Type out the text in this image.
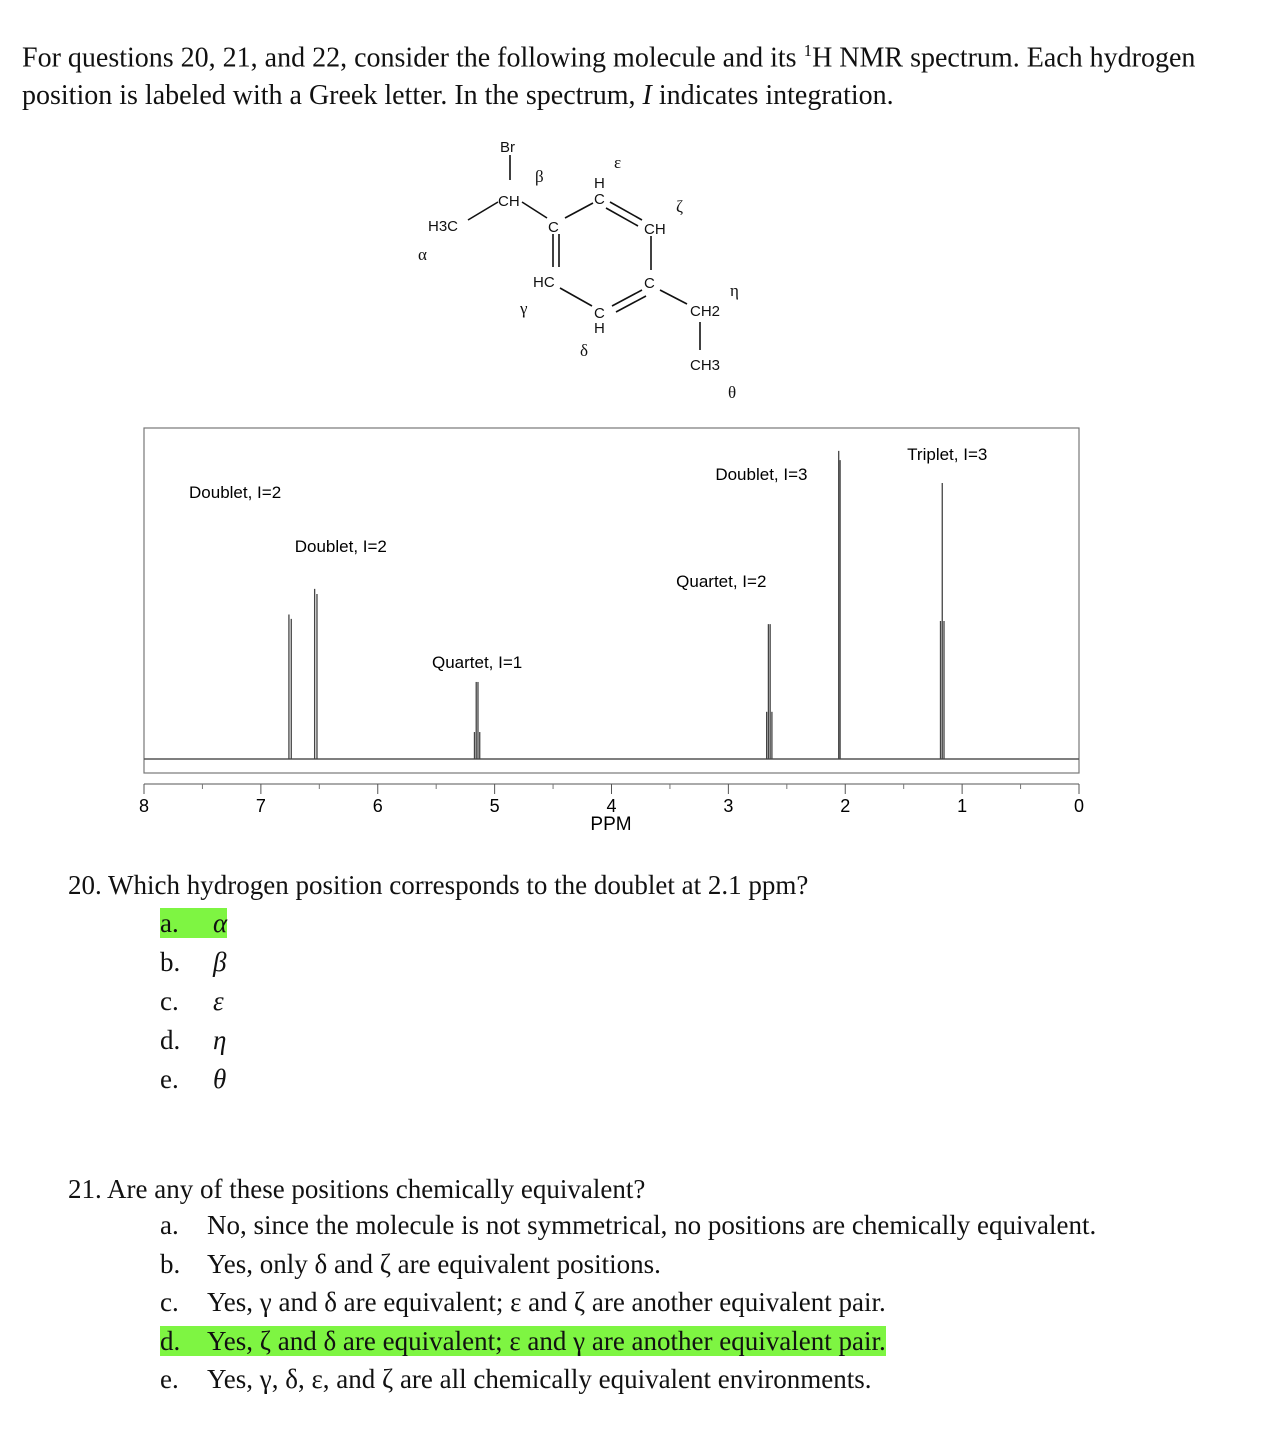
For questions 20, 21, and 22, consider the following molecule and its $^1$H NMR spectrum. Each hydrogen position is labeled with a Greek letter. In the spectrum, I indicates integration.
Br
CH
H3C	C
H
C
CH
HC	C
C
H
CH2
CH3
α
β
γ
δ
ε
ζ
η
θ
8	7	6	5	4	3	2	1	0
Doublet, I=2
Doublet, I=2
Quartet, I=1
Quartet, I=2
Doublet, I=3
Triplet, I=3
PPM
20. Which hydrogen position corresponds to the doublet at 2.1 ppm?
a. α
b. β
c. ε
d. η
e. θ
21. Are any of these positions chemically equivalent?
a. No, since the molecule is not symmetrical, no positions are chemically equivalent.
b. Yes, only δ and ζ are equivalent positions.
c. Yes, γ and δ are equivalent; ε and ζ are another equivalent pair.
d. Yes, ζ and δ are equivalent; ε and γ are another equivalent pair.
e. Yes, γ, δ, ε, and ζ are all chemically equivalent environments.
